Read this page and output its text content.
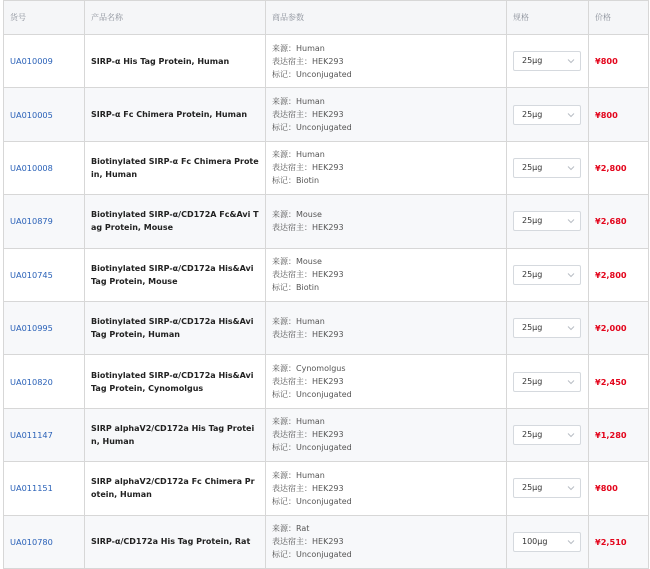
货号	产品名称	商品参数	规格	价格
UA010009	SIRP-α His Tag Protein, Human	来源：Human
表达宿主：HEK293
标记：Unconjugated	25μg	¥800
UA010005	SIRP-α Fc Chimera Protein, Human	来源：Human
表达宿主：HEK293
标记：Unconjugated	25μg	¥800
UA010008	Biotinylated SIRP-α Fc Chimera Protein, Human	来源：Human
表达宿主：HEK293
标记：Biotin	25μg	¥2,800
UA010879	Biotinylated SIRP-α/CD172A Fc&Avi Tag Protein, Mouse	来源：Mouse
表达宿主：HEK293	25μg	¥2,680
UA010745	Biotinylated SIRP-α/CD172a His&Avi Tag Protein, Mouse	来源：Mouse
表达宿主：HEK293
标记：Biotin	25μg	¥2,800
UA010995	Biotinylated SIRP-α/CD172a His&Avi Tag Protein, Human	来源：Human
表达宿主：HEK293	25μg	¥2,000
UA010820	Biotinylated SIRP-α/CD172a His&Avi Tag Protein, Cynomolgus	来源：Cynomolgus
表达宿主：HEK293
标记：Unconjugated	25μg	¥2,450
UA011147	SIRP alphaV2/CD172a His Tag Protein, Human	来源：Human
表达宿主：HEK293
标记：Unconjugated	25μg	¥1,280
UA011151	SIRP alphaV2/CD172a Fc Chimera Protein, Human	来源：Human
表达宿主：HEK293
标记：Unconjugated	25μg	¥800
UA010780	SIRP-α/CD172a His Tag Protein, Rat	来源：Rat
表达宿主：HEK293
标记：Unconjugated	100μg	¥2,510
